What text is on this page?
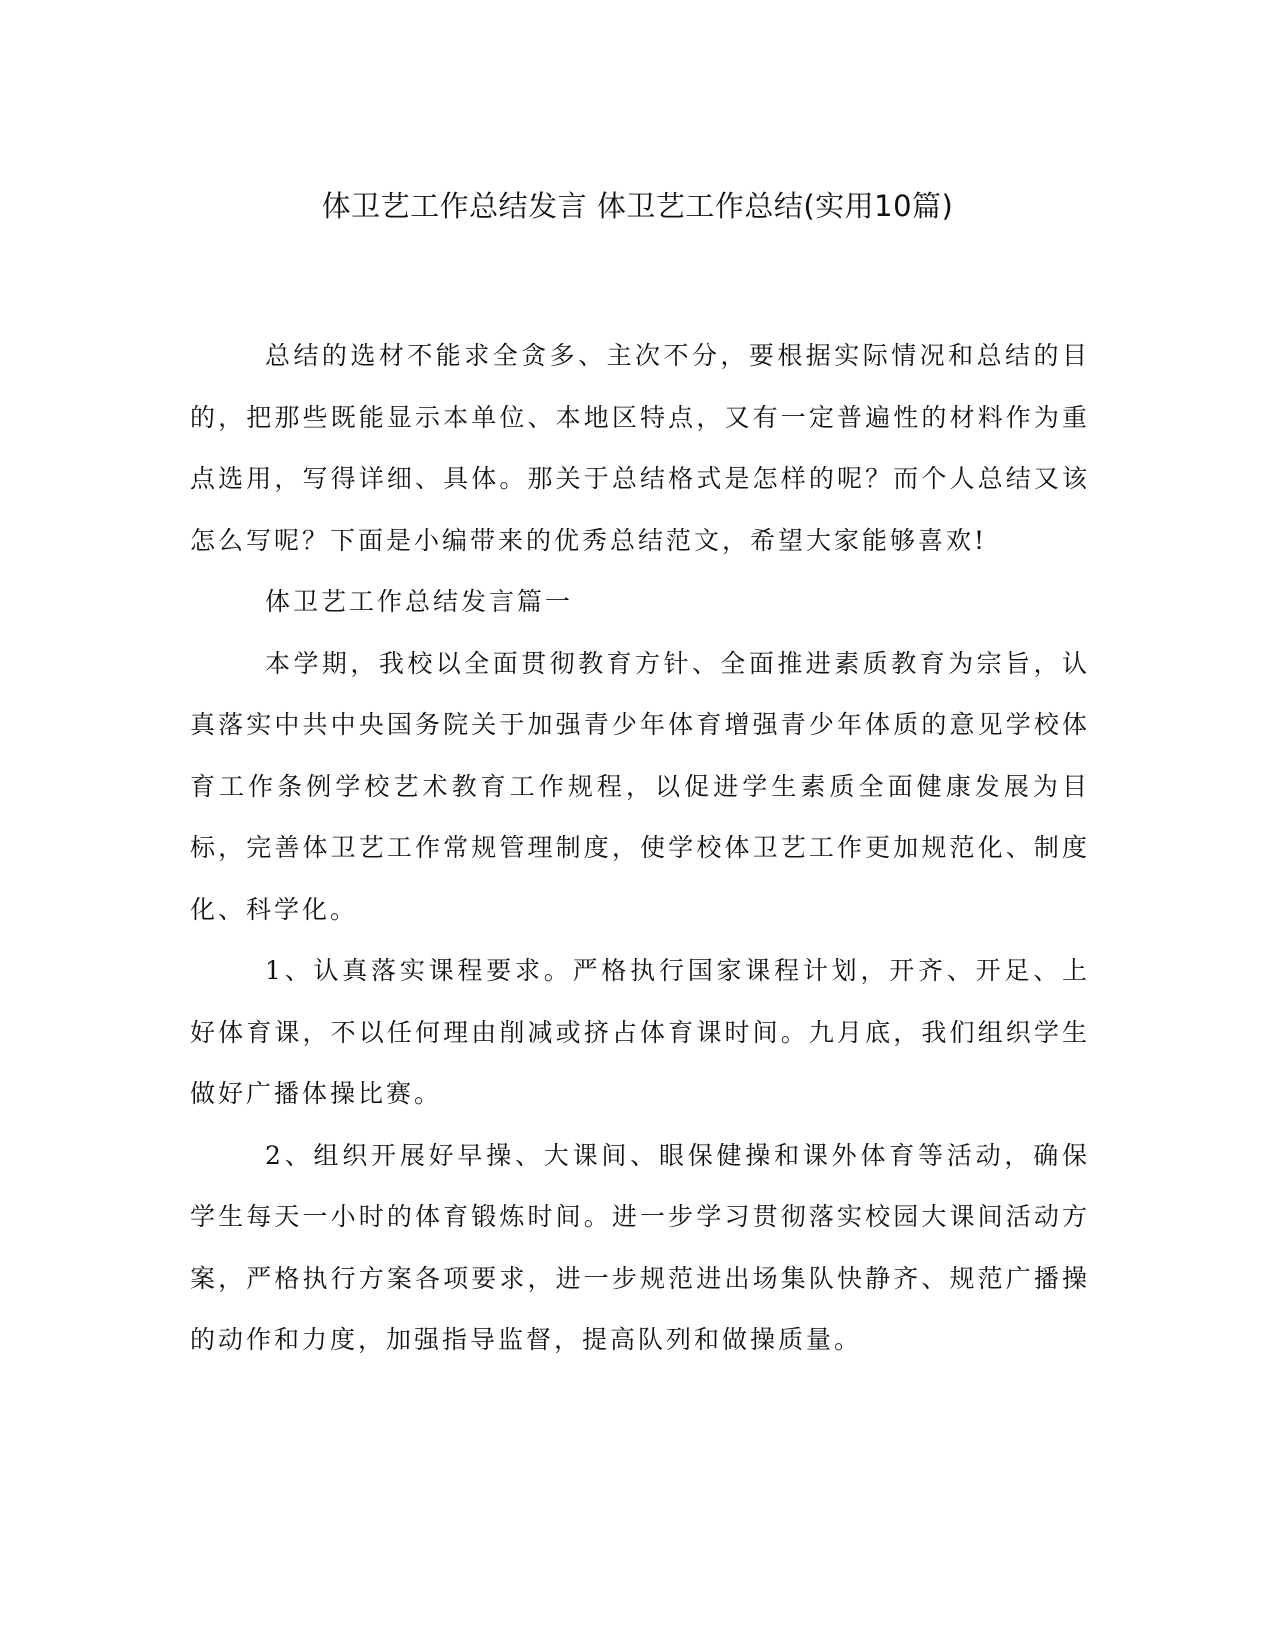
体卫艺工作总结发言 体卫艺工作总结(实用10篇)

总结的选材不能求全贪多、主次不分，要根据实际情况和总结的目的，把那些既能显示本单位、本地区特点，又有一定普遍性的材料作为重点选用，写得详细、具体。那关于总结格式是怎样的呢？而个人总结又该怎么写呢？下面是小编带来的优秀总结范文，希望大家能够喜欢!

体卫艺工作总结发言篇一

本学期，我校以全面贯彻教育方针、全面推进素质教育为宗旨，认真落实中共中央国务院关于加强青少年体育增强青少年体质的意见学校体育工作条例学校艺术教育工作规程，以促进学生素质全面健康发展为目标，完善体卫艺工作常规管理制度，使学校体卫艺工作更加规范化、制度化、科学化。

1、认真落实课程要求。严格执行国家课程计划，开齐、开足、上好体育课，不以任何理由削减或挤占体育课时间。九月底，我们组织学生做好广播体操比赛。

2、组织开展好早操、大课间、眼保健操和课外体育等活动，确保学生每天一小时的体育锻炼时间。进一步学习贯彻落实校园大课间活动方案，严格执行方案各项要求，进一步规范进出场集队快静齐、规范广播操的动作和力度，加强指导监督，提高队列和做操质量。
